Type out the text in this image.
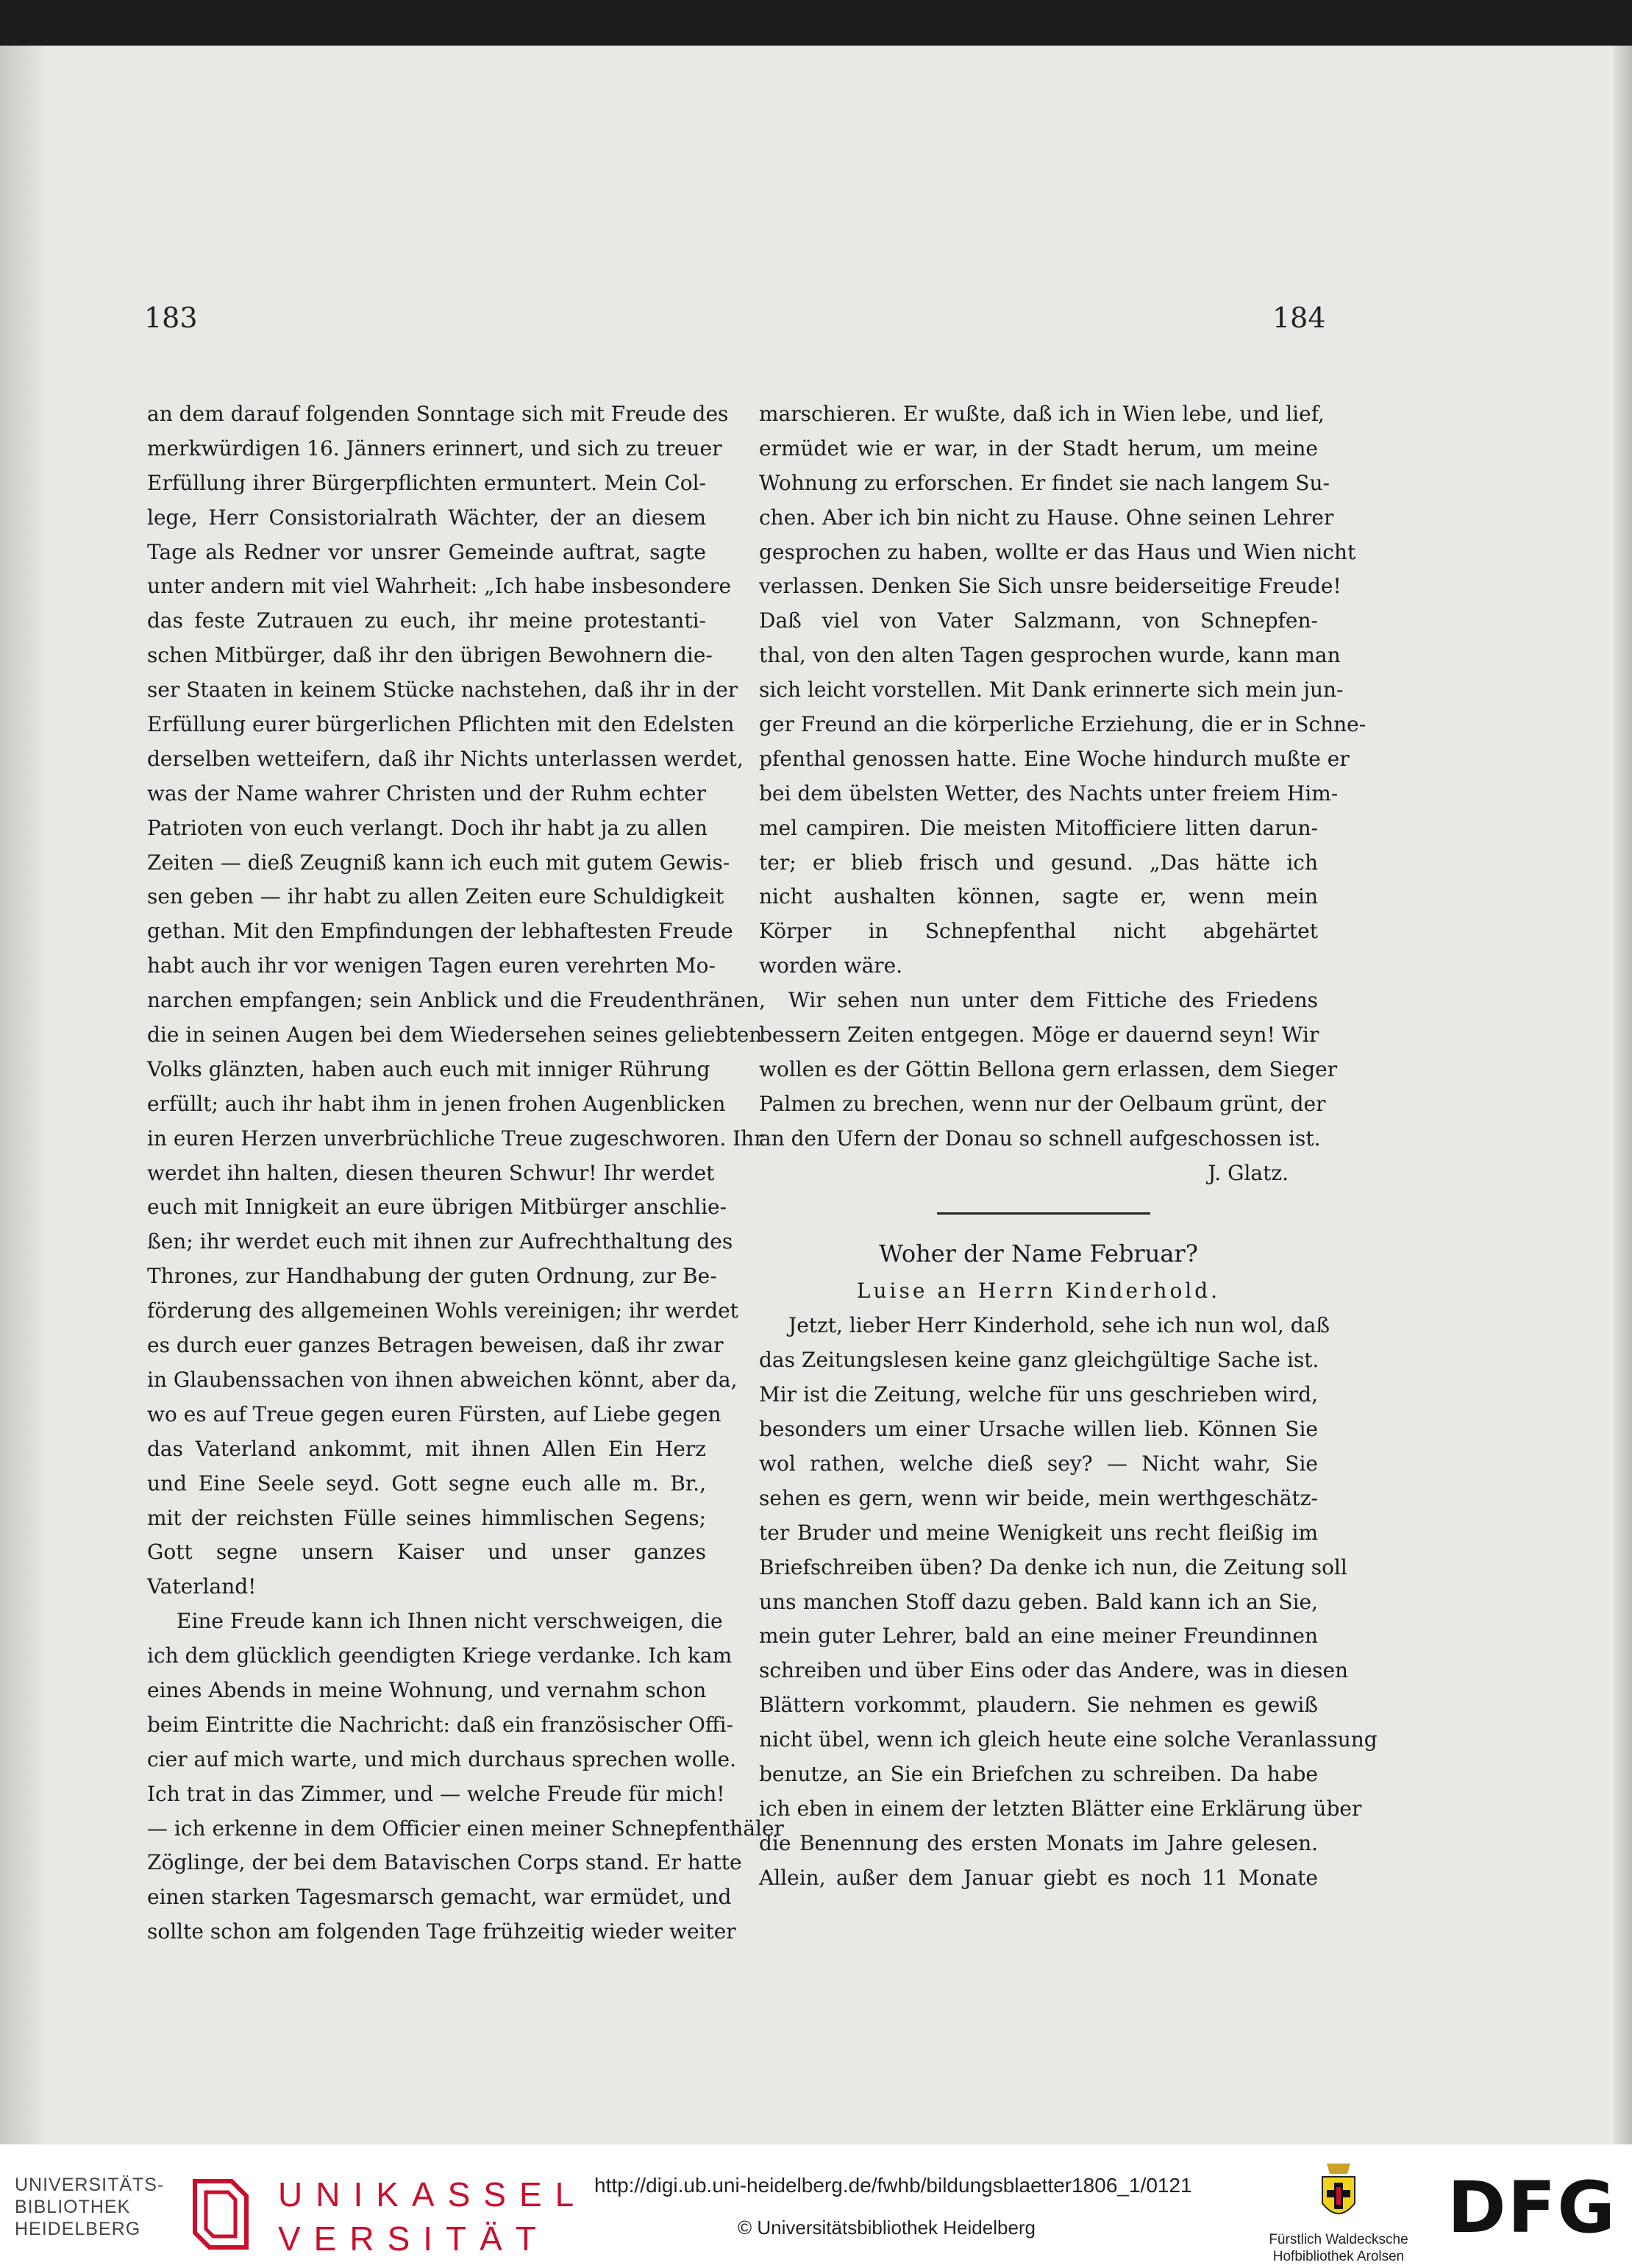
183	184
an dem darauf folgenden Sonntage sich mit Freude des
merkwürdigen 16. Jänners erinnert, und sich zu treuer
Erfüllung ihrer Bürgerpflichten ermuntert. Mein Col-
lege, Herr Consistorialrath Wächter, der an diesem
Tage als Redner vor unsrer Gemeinde auftrat, sagte
unter andern mit viel Wahrheit: „Ich habe insbesondere
das feste Zutrauen zu euch, ihr meine protestanti-
schen Mitbürger, daß ihr den übrigen Bewohnern die-
ser Staaten in keinem Stücke nachstehen, daß ihr in der
Erfüllung eurer bürgerlichen Pflichten mit den Edelsten
derselben wetteifern, daß ihr Nichts unterlassen werdet,
was der Name wahrer Christen und der Ruhm echter
Patrioten von euch verlangt. Doch ihr habt ja zu allen
Zeiten — dieß Zeugniß kann ich euch mit gutem Gewis-
sen geben — ihr habt zu allen Zeiten eure Schuldigkeit
gethan. Mit den Empfindungen der lebhaftesten Freude
habt auch ihr vor wenigen Tagen euren verehrten Mo-
narchen empfangen; sein Anblick und die Freudenthränen,
die in seinen Augen bei dem Wiedersehen seines geliebten
Volks glänzten, haben auch euch mit inniger Rührung
erfüllt; auch ihr habt ihm in jenen frohen Augenblicken
in euren Herzen unverbrüchliche Treue zugeschworen. Ihr
werdet ihn halten, diesen theuren Schwur! Ihr werdet
euch mit Innigkeit an eure übrigen Mitbürger anschlie-
ßen; ihr werdet euch mit ihnen zur Aufrechthaltung des
Thrones, zur Handhabung der guten Ordnung, zur Be-
förderung des allgemeinen Wohls vereinigen; ihr werdet
es durch euer ganzes Betragen beweisen, daß ihr zwar
in Glaubenssachen von ihnen abweichen könnt, aber da,
wo es auf Treue gegen euren Fürsten, auf Liebe gegen
das Vaterland ankommt, mit ihnen Allen Ein Herz
und Eine Seele seyd. Gott segne euch alle m. Br.,
mit der reichsten Fülle seines himmlischen Segens;
Gott segne unsern Kaiser und unser ganzes
Vaterland!
Eine Freude kann ich Ihnen nicht verschweigen, die
ich dem glücklich geendigten Kriege verdanke. Ich kam
eines Abends in meine Wohnung, und vernahm schon
beim Eintritte die Nachricht: daß ein französischer Offi-
cier auf mich warte, und mich durchaus sprechen wolle.
Ich trat in das Zimmer, und — welche Freude für mich!
— ich erkenne in dem Officier einen meiner Schnepfenthäler
Zöglinge, der bei dem Batavischen Corps stand. Er hatte
einen starken Tagesmarsch gemacht, war ermüdet, und
sollte schon am folgenden Tage frühzeitig wieder weiter
marschieren. Er wußte, daß ich in Wien lebe, und lief,
ermüdet wie er war, in der Stadt herum, um meine
Wohnung zu erforschen. Er findet sie nach langem Su-
chen. Aber ich bin nicht zu Hause. Ohne seinen Lehrer
gesprochen zu haben, wollte er das Haus und Wien nicht
verlassen. Denken Sie Sich unsre beiderseitige Freude!
Daß viel von Vater Salzmann, von Schnepfen-
thal, von den alten Tagen gesprochen wurde, kann man
sich leicht vorstellen. Mit Dank erinnerte sich mein jun-
ger Freund an die körperliche Erziehung, die er in Schne-
pfenthal genossen hatte. Eine Woche hindurch mußte er
bei dem übelsten Wetter, des Nachts unter freiem Him-
mel campiren. Die meisten Mitofficiere litten darun-
ter; er blieb frisch und gesund. „Das hätte ich
nicht aushalten können, sagte er, wenn mein
Körper in Schnepfenthal nicht abgehärtet
worden wäre.
Wir sehen nun unter dem Fittiche des Friedens
bessern Zeiten entgegen. Möge er dauernd seyn! Wir
wollen es der Göttin Bellona gern erlassen, dem Sieger
Palmen zu brechen, wenn nur der Oelbaum grünt, der
an den Ufern der Donau so schnell aufgeschossen ist.
J. Glatz.
Woher der Name Februar?
Luise an Herrn Kinderhold.
Jetzt, lieber Herr Kinderhold, sehe ich nun wol, daß
das Zeitungslesen keine ganz gleichgültige Sache ist.
Mir ist die Zeitung, welche für uns geschrieben wird,
besonders um einer Ursache willen lieb. Können Sie
wol rathen, welche dieß sey? — Nicht wahr, Sie
sehen es gern, wenn wir beide, mein werthgeschätz-
ter Bruder und meine Wenigkeit uns recht fleißig im
Briefschreiben üben? Da denke ich nun, die Zeitung soll
uns manchen Stoff dazu geben. Bald kann ich an Sie,
mein guter Lehrer, bald an eine meiner Freundinnen
schreiben und über Eins oder das Andere, was in diesen
Blättern vorkommt, plaudern. Sie nehmen es gewiß
nicht übel, wenn ich gleich heute eine solche Veranlassung
benutze, an Sie ein Briefchen zu schreiben. Da habe
ich eben in einem der letzten Blätter eine Erklärung über
die Benennung des ersten Monats im Jahre gelesen.
Allein, außer dem Januar giebt es noch 11 Monate
UNIVERSITÄTS-
BIBLIOTHEK
HEIDELBERG
UNIKASSEL
VERSITÄT
http://digi.ub.uni-heidelberg.de/fwhb/bildungsblaetter1806_1/0121
© Universitätsbibliothek Heidelberg
Fürstlich Waldecksche
Hofbibliothek Arolsen
DFG
